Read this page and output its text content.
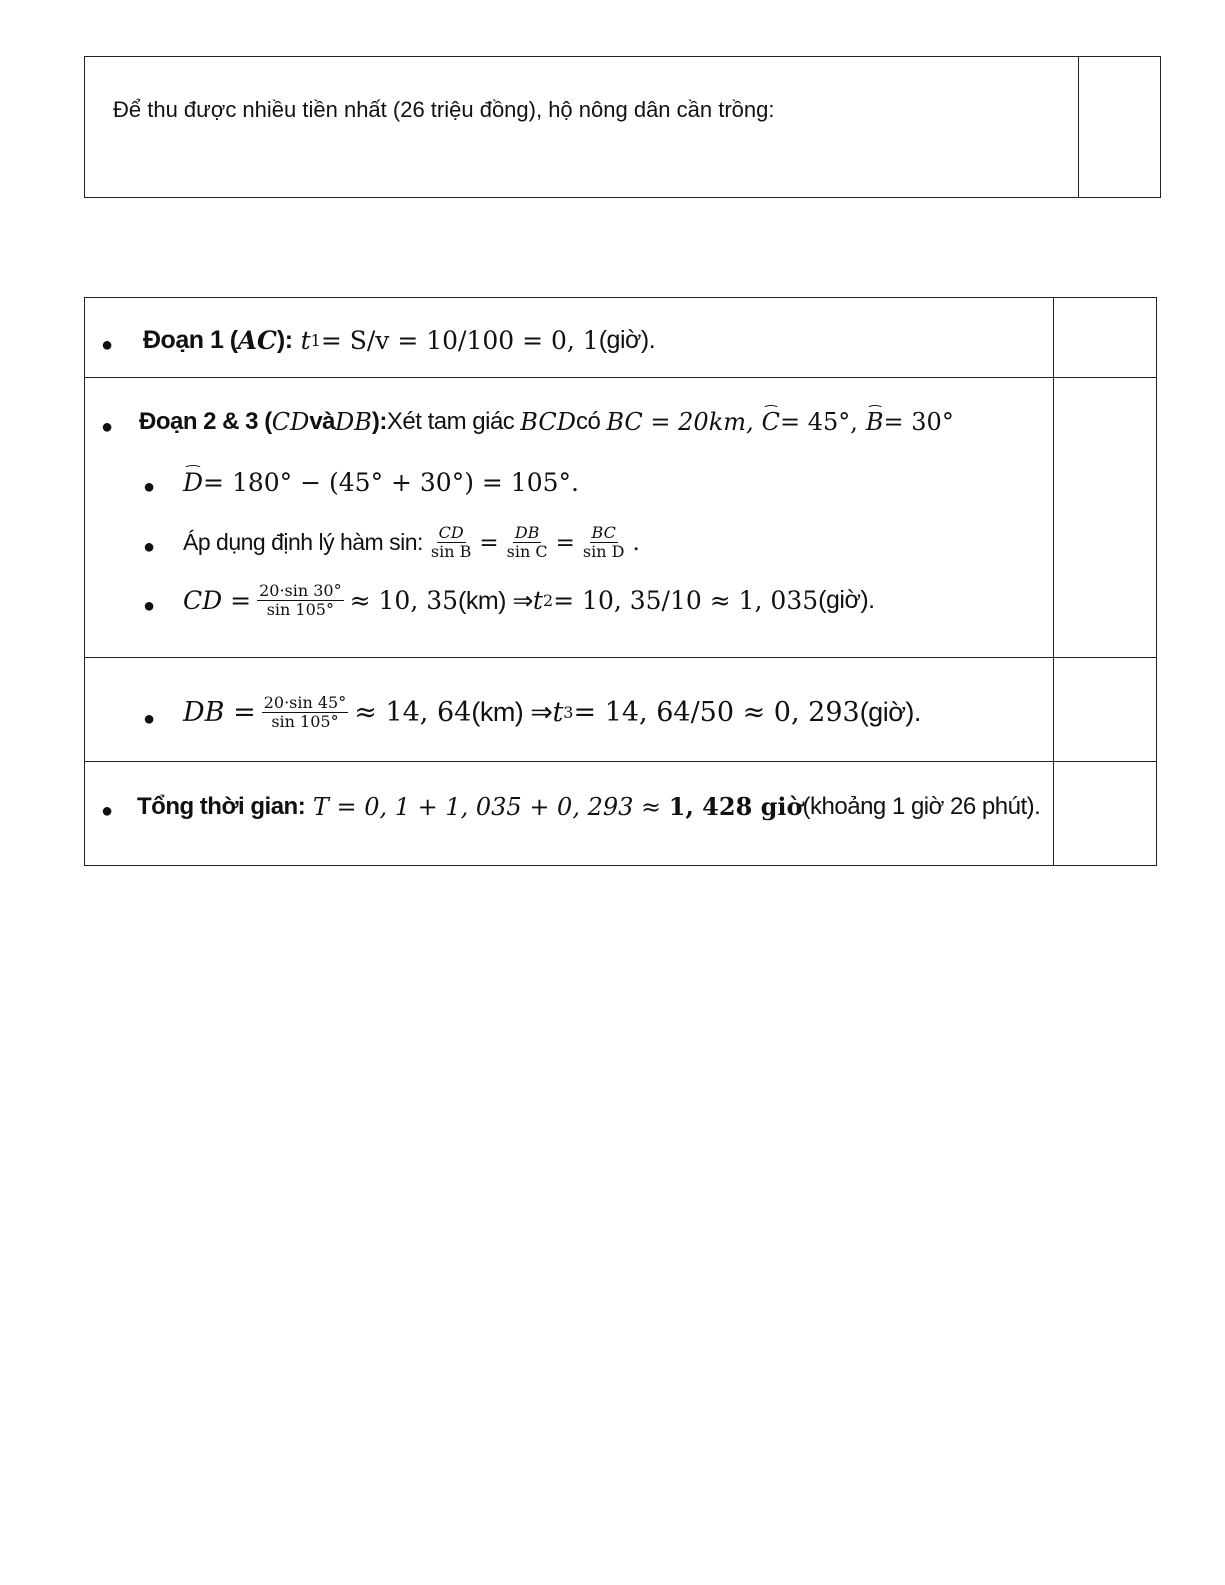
Để thu được nhiều tiền nhất (26 triệu đồng), hộ nông dân cần trồng:
● Đoạn 1 ( AC ): t 1 = S/v = 10/100 = 0, 1 (giờ).
● Đoạn 2 & 3 ( CD và DB ): Xét tam giác BCD có BC = 20km, C = 45°, B = 30°
● D = 180° − (45° + 30°) = 105°.
● Áp dụng định lý hàm sin: $\frac{CD}{\text{sin B}} = \frac{DB}{\text{sin C}} = \frac{BC}{\text{sin D}}$ .
● CD = $\frac{20\cdot\sin 30^\circ}{\sin 105^\circ} \approx 10$, 35 (km) ⇒ t 2 = 10, 35/10 ≈ 1, 035 (giờ).
● DB = $\frac{20\cdot\sin 45^\circ}{\sin 105^\circ} \approx 14$, 64 (km) ⇒ t 3 = 14, 64/50 ≈ 0, 293 (giờ).
● Tổng thời gian: T = 0, 1 + 1, 035 + 0, 293 ≈ 1, 428 giờ (khoảng 1 giờ 26 phút).
